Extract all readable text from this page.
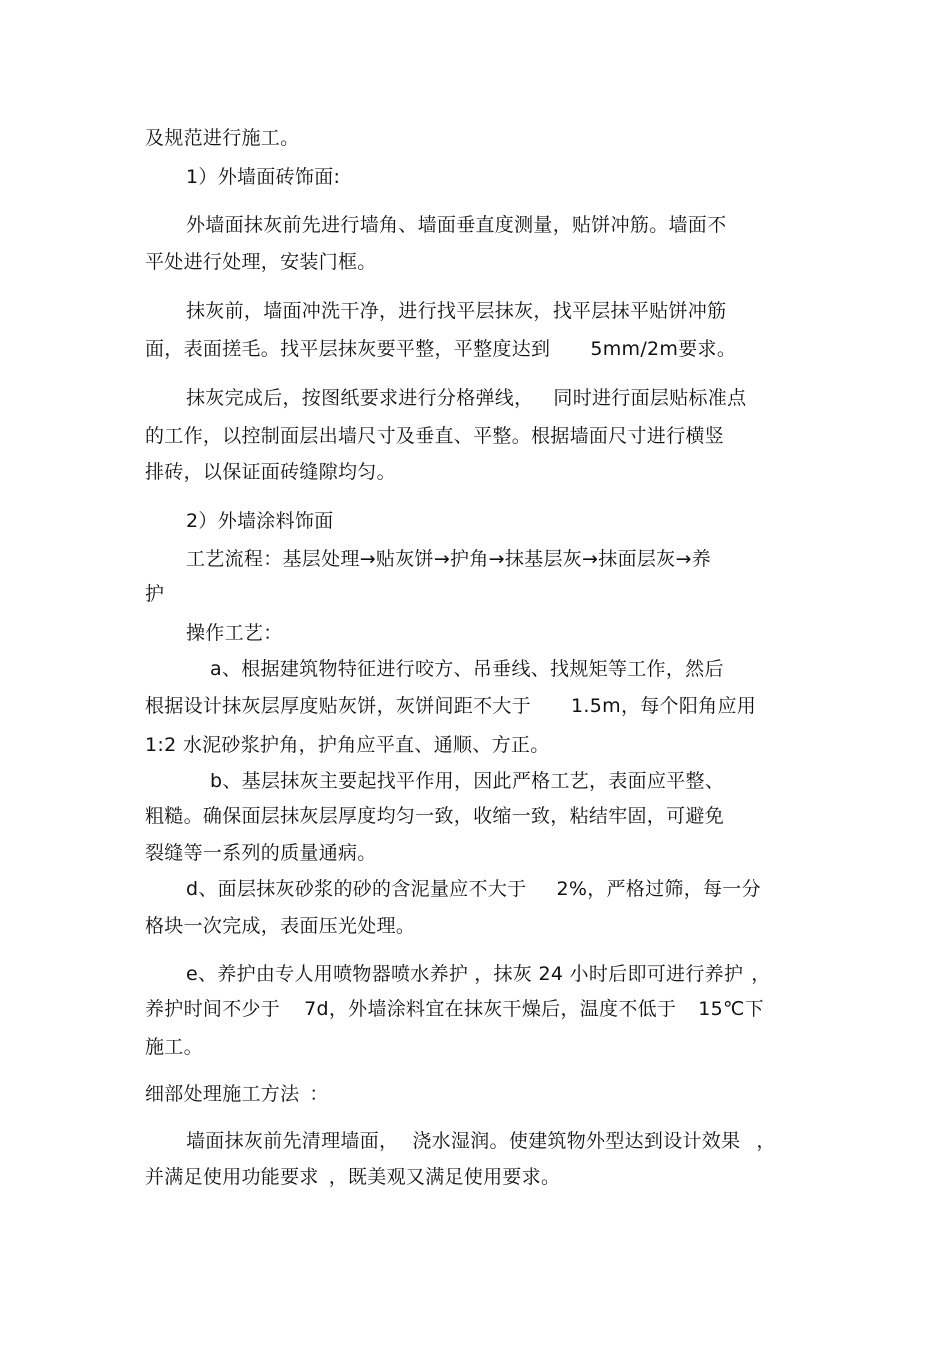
及规范进行施工。
1）外墙面砖饰面:
外墙面抹灰前先进行墙角、墙面垂直度测量，贴饼冲筋。墙面不
平处进行处理，安装门框。
抹灰前，墙面冲洗干净，进行找平层抹灰，找平层抹平贴饼冲筋
面，表面搓毛。找平层抹灰要平整，平整度达到 5mm/2m要求。
抹灰完成后，按图纸要求进行分格弹线， 同时进行面层贴标准点
的工作，以控制面层出墙尺寸及垂直、平整。根据墙面尺寸进行横竖
排砖，以保证面砖缝隙均匀。
2）外墙涂料饰面
工艺流程：基层处理→贴灰饼→护角→抹基层灰→抹面层灰→养
护
操作工艺：
a、根据建筑物特征进行咬方、吊垂线、找规矩等工作，然后
根据设计抹灰层厚度贴灰饼，灰饼间距不大于 1.5m，每个阳角应用
1:2 水泥砂浆护角，护角应平直、通顺、方正。
b、基层抹灰主要起找平作用，因此严格工艺，表面应平整、
粗糙。确保面层抹灰层厚度均匀一致，收缩一致，粘结牢固，可避免
裂缝等一系列的质量通病。
d、面层抹灰砂浆的砂的含泥量应不大于 2%，严格过筛，每一分
格块一次完成，表面压光处理。
e、养护由专人用喷物器喷水养护 ，抹灰 24 小时后即可进行养护 ，
养护时间不少于 7d，外墙涂料宜在抹灰干燥后，温度不低于 15℃下
施工。
细部处理施工方法 ：
墙面抹灰前先清理墙面， 浇水湿润。使建筑物外型达到设计效果 ，
并满足使用功能要求 ，既美观又满足使用要求。
